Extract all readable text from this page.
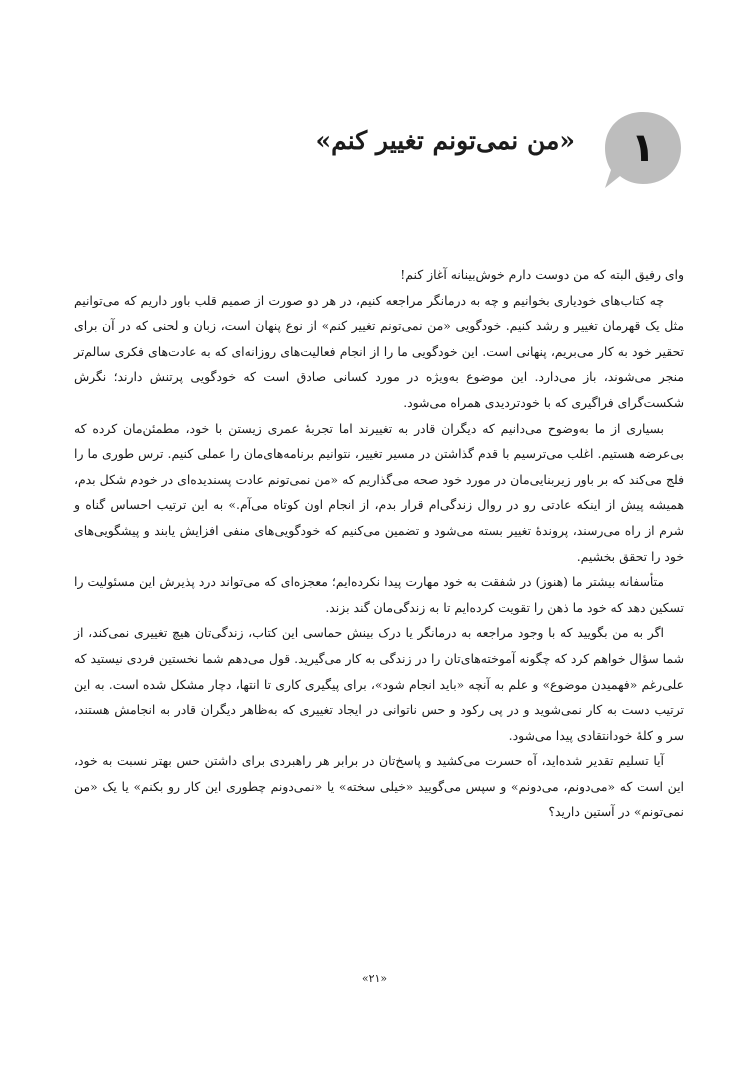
۱
«من نمی‌تونم تغییر کنم»

وای رفیق البته که من دوست دارم خوش‌بینانه آغاز کنم!

چه کتاب‌های خودیاری بخوانیم و چه به درمانگر مراجعه کنیم، در هر دو صورت از صمیم قلب باور داریم که می‌توانیم مثل یک قهرمان تغییر و رشد کنیم. خودگویی «من نمی‌تونم تغییر کنم» از نوع پنهان است، زبان و لحنی که در آن برای تحقیر خود به کار می‌بریم، پنهانی است. این خودگویی ما را از انجام فعالیت‌های روزانه‌ای که به عادت‌های فکری سالم‌تر منجر می‌شوند، باز می‌دارد. این موضوع به‌ویژه در مورد کسانی صادق است که خودگویی پرتنش دارند؛ نگرش شکست‌گرای فراگیری که با خودتردیدی همراه می‌شود.

بسیاری از ما به‌وضوح می‌دانیم که دیگران قادر به تغییرند اما تجربهٔ عمری زیستن با خود، مطمئن‌مان کرده که بی‌عرضه هستیم. اغلب می‌ترسیم با قدم گذاشتن در مسیر تغییر، نتوانیم برنامه‌های‌مان را عملی کنیم. ترس طوری ما را فلج می‌کند که بر باور زیربنایی‌مان در مورد خود صحه می‌گذاریم که «من نمی‌تونم عادت پسندیده‌ای در خودم شکل بدم، همیشه پیش از اینکه عادتی رو در روال زندگی‌ام قرار بدم، از انجام اون کوتاه می‌آم.» به این ترتیب احساس گناه و شرم از راه می‌رسند، پروندهٔ تغییر بسته می‌شود و تضمین می‌کنیم که خودگویی‌های منفی افزایش یابند و پیشگویی‌های خود را تحقق بخشیم.

متأسفانه بیشتر ما (هنوز) در شفقت به خود مهارت پیدا نکرده‌ایم؛ معجزه‌ای که می‌تواند درد پذیرش این مسئولیت را تسکین دهد که خود ما ذهن را تقویت کرده‌ایم تا به زندگی‌مان گند بزند.

اگر به من بگویید که با وجود مراجعه به درمانگر یا درک بینش حماسی این کتاب، زندگی‌تان هیچ تغییری نمی‌کند، از شما سؤال خواهم کرد که چگونه آموخته‌های‌تان را در زندگی به کار می‌گیرید. قول می‌دهم شما نخستین فردی نیستید که علی‌رغم «فهمیدن موضوع» و علم به آنچه «باید انجام شود»، برای پیگیری کاری تا انتها، دچار مشکل شده است. به این ترتیب دست به کار نمی‌شوید و در پی رکود و حس ناتوانی در ایجاد تغییری که به‌ظاهر دیگران قادر به انجامش هستند، سر و کلهٔ خودانتقادی پیدا می‌شود.

آیا تسلیم تقدیر شده‌اید، آه حسرت می‌کشید و پاسخ‌تان در برابر هر راهبردی برای داشتن حس بهتر نسبت به خود، این است که «می‌دونم، می‌دونم» و سپس می‌گویید «خیلی سخته» یا «نمی‌دونم چطوری این کار رو بکنم» یا یک «من نمی‌تونم» در آستین دارید؟

«۲۱»
